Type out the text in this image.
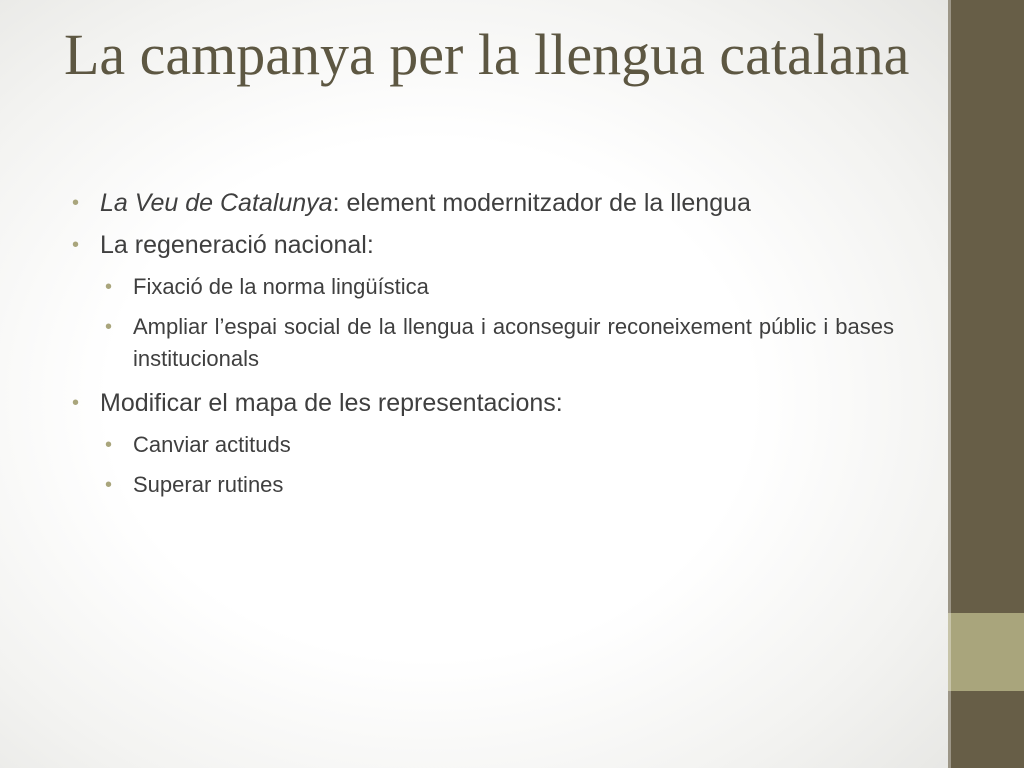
La campanya per la llengua catalana
• La Veu de Catalunya: element modernitzador de la llengua
• La regeneració nacional:
• Fixació de la norma lingüística
• Ampliar l’espai social de la llengua i aconseguir reconeixement públic i bases institucionals
• Modificar el mapa de les representacions:
• Canviar actituds
• Superar rutines
